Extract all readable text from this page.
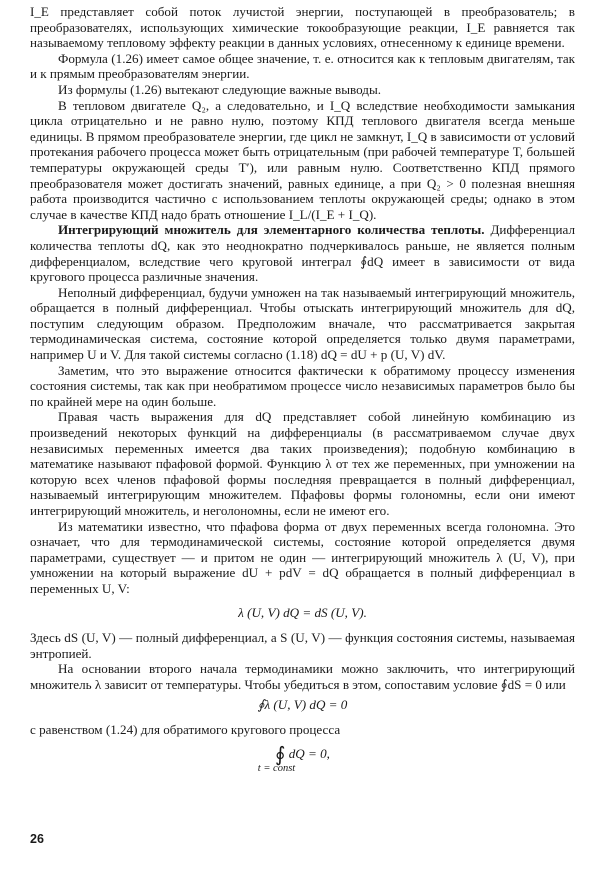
I_E представляет собой поток лучистой энергии, поступающей в преобразователь; в преобразователях, использующих химические токообразующие реакции, I_E равняется так называемому тепловому эффекту реакции в данных условиях, отнесенному к единице времени.

Формула (1.26) имеет самое общее значение, т. е. относится как к тепловым двигателям, так и к прямым преобразователям энергии.

Из формулы (1.26) вытекают следующие важные выводы.

В тепловом двигателе Q₂, а следовательно, и I_Q вследствие необходимости замыкания цикла отрицательно и не равно нулю, поэтому КПД теплового двигателя всегда меньше единицы. В прямом преобразователе энергии, где цикл не замкнут, I_Q в зависимости от условий протекания рабочего процесса может быть отрицательным (при рабочей температуре T, большей температуры окружающей среды T′), или равным нулю. Соответственно КПД прямого преобразователя может достигать значений, равных единице, а при Q₂ > 0 полезная внешняя работа производится частично с использованием теплоты окружающей среды; однако в этом случае в качестве КПД надо брать отношение I_L/(I_E + I_Q).

Интегрирующий множитель для элементарного количества теплоты. Дифференциал количества теплоты dQ, как это неоднократно подчеркивалось раньше, не является полным дифференциалом, вследствие чего круговой интеграл ∮dQ имеет в зависимости от вида кругового процесса различные значения.

Неполный дифференциал, будучи умножен на так называемый интегрирующий множитель, обращается в полный дифференциал. Чтобы отыскать интегрирующий множитель для dQ, поступим следующим образом. Предположим вначале, что рассматривается закрытая термодинамическая система, состояние которой определяется только двумя параметрами, например U и V. Для такой системы согласно (1.18) dQ = dU + p (U, V) dV.

Заметим, что это выражение относится фактически к обратимому процессу изменения состояния системы, так как при необратимом процессе число независимых параметров было бы по крайней мере на один больше.

Правая часть выражения для dQ представляет собой линейную комбинацию из произведений некоторых функций на дифференциалы (в рассматриваемом случае двух независимых переменных имеется два таких произведения); подобную комбинацию в математике называют пфафовой формой. Функцию λ от тех же переменных, при умножении на которую всех членов пфафовой формы последняя превращается в полный дифференциал, называемый интегрирующим множителем. Пфафовы формы голономны, если они имеют интегрирующий множитель, и неголономны, если не имеют его.

Из математики известно, что пфафова форма от двух переменных всегда голономна. Это означает, что для термодинамической системы, состояние которой определяется двумя параметрами, существует — и притом не один — интегрирующий множитель λ (U, V), при умножении на который выражение dU + pdV = dQ обращается в полный дифференциал в переменных U, V:

λ (U, V) dQ = dS (U, V).

Здесь dS (U, V) — полный дифференциал, а S (U, V) — функция состояния системы, называемая энтропией.

На основании второго начала термодинамики можно заключить, что интегрирующий множитель λ зависит от температуры. Чтобы убедиться в этом, сопоставим условие ∮dS = 0 или

∮λ (U, V) dQ = 0

с равенством (1.24) для обратимого кругового процесса

∮ dQ = 0,
t = const
26
